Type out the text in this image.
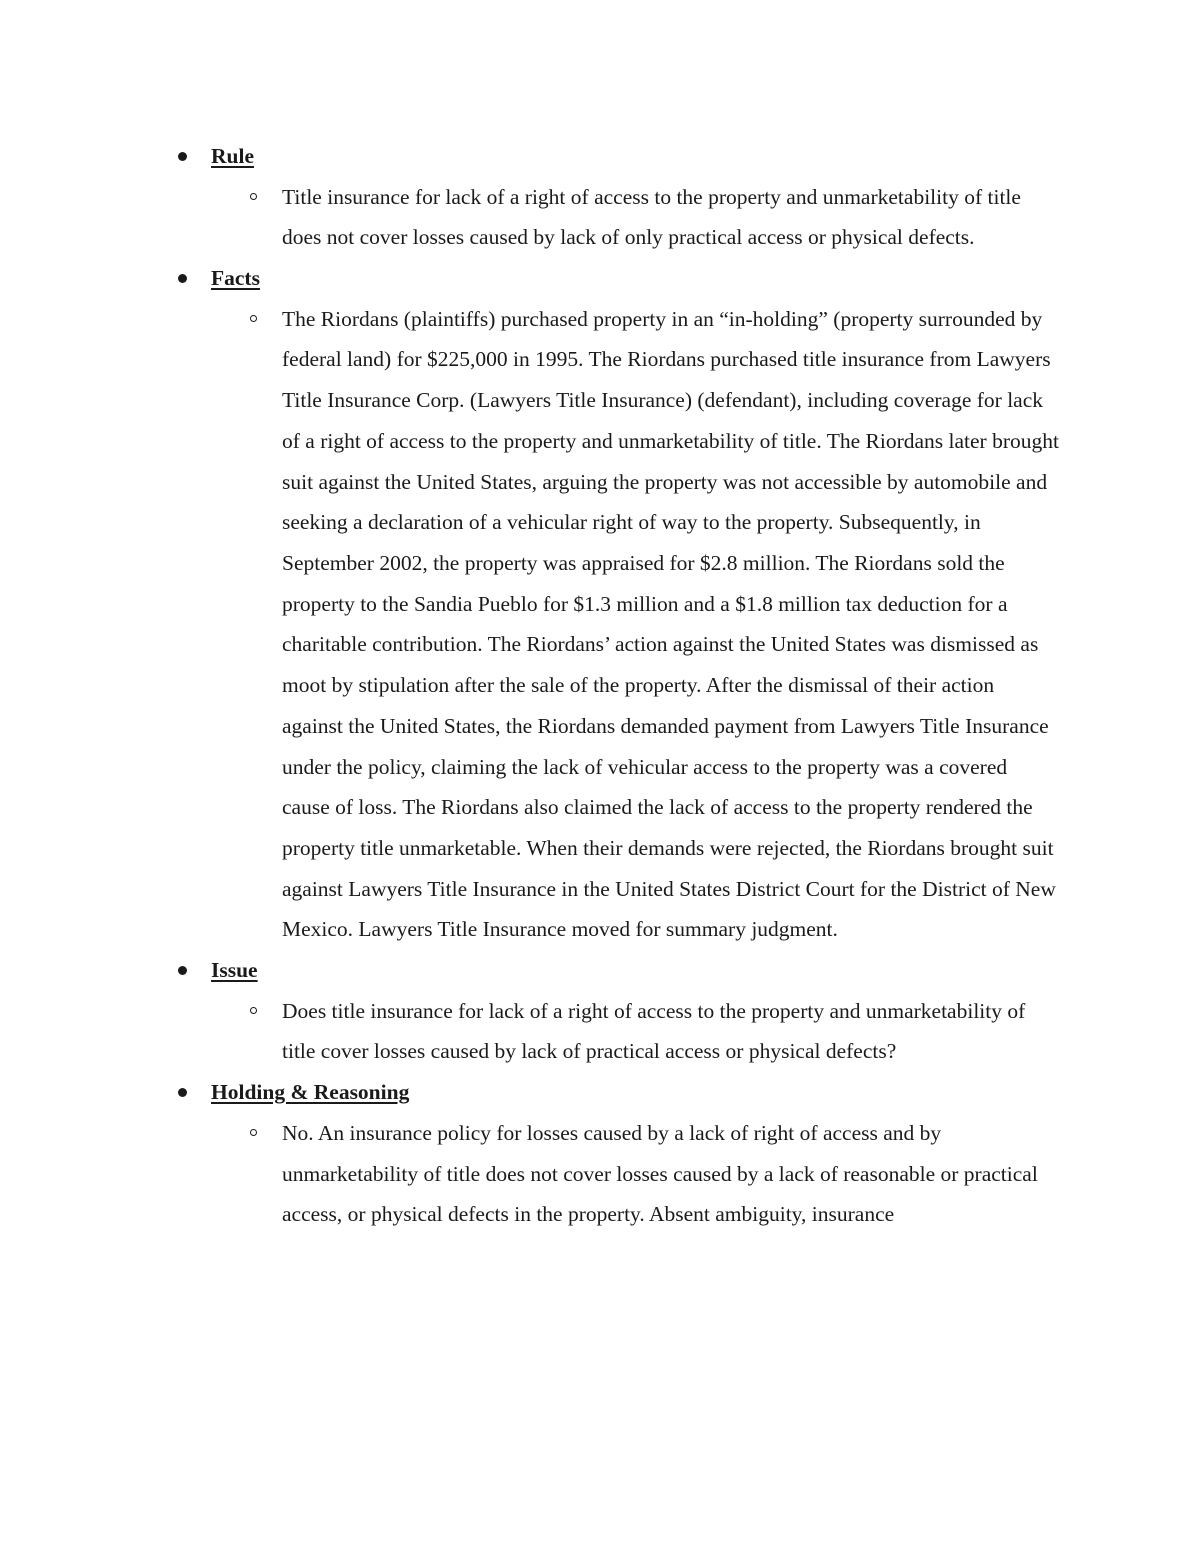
Rule

Title insurance for lack of a right of access to the property and unmarketability of title does not cover losses caused by lack of only practical access or physical defects.

Facts

The Riordans (plaintiffs) purchased property in an “in-holding” (property surrounded by federal land) for $225,000 in 1995. The Riordans purchased title insurance from Lawyers Title Insurance Corp. (Lawyers Title Insurance) (defendant), including coverage for lack of a right of access to the property and unmarketability of title. The Riordans later brought suit against the United States, arguing the property was not accessible by automobile and seeking a declaration of a vehicular right of way to the property. Subsequently, in September 2002, the property was appraised for $2.8 million. The Riordans sold the property to the Sandia Pueblo for $1.3 million and a $1.8 million tax deduction for a charitable contribution. The Riordans’ action against the United States was dismissed as moot by stipulation after the sale of the property. After the dismissal of their action against the United States, the Riordans demanded payment from Lawyers Title Insurance under the policy, claiming the lack of vehicular access to the property was a covered cause of loss. The Riordans also claimed the lack of access to the property rendered the property title unmarketable. When their demands were rejected, the Riordans brought suit against Lawyers Title Insurance in the United States District Court for the District of New Mexico. Lawyers Title Insurance moved for summary judgment.

Issue

Does title insurance for lack of a right of access to the property and unmarketability of title cover losses caused by lack of practical access or physical defects?

Holding & Reasoning

No. An insurance policy for losses caused by a lack of right of access and by unmarketability of title does not cover losses caused by a lack of reasonable or practical access, or physical defects in the property. Absent ambiguity, insurance
